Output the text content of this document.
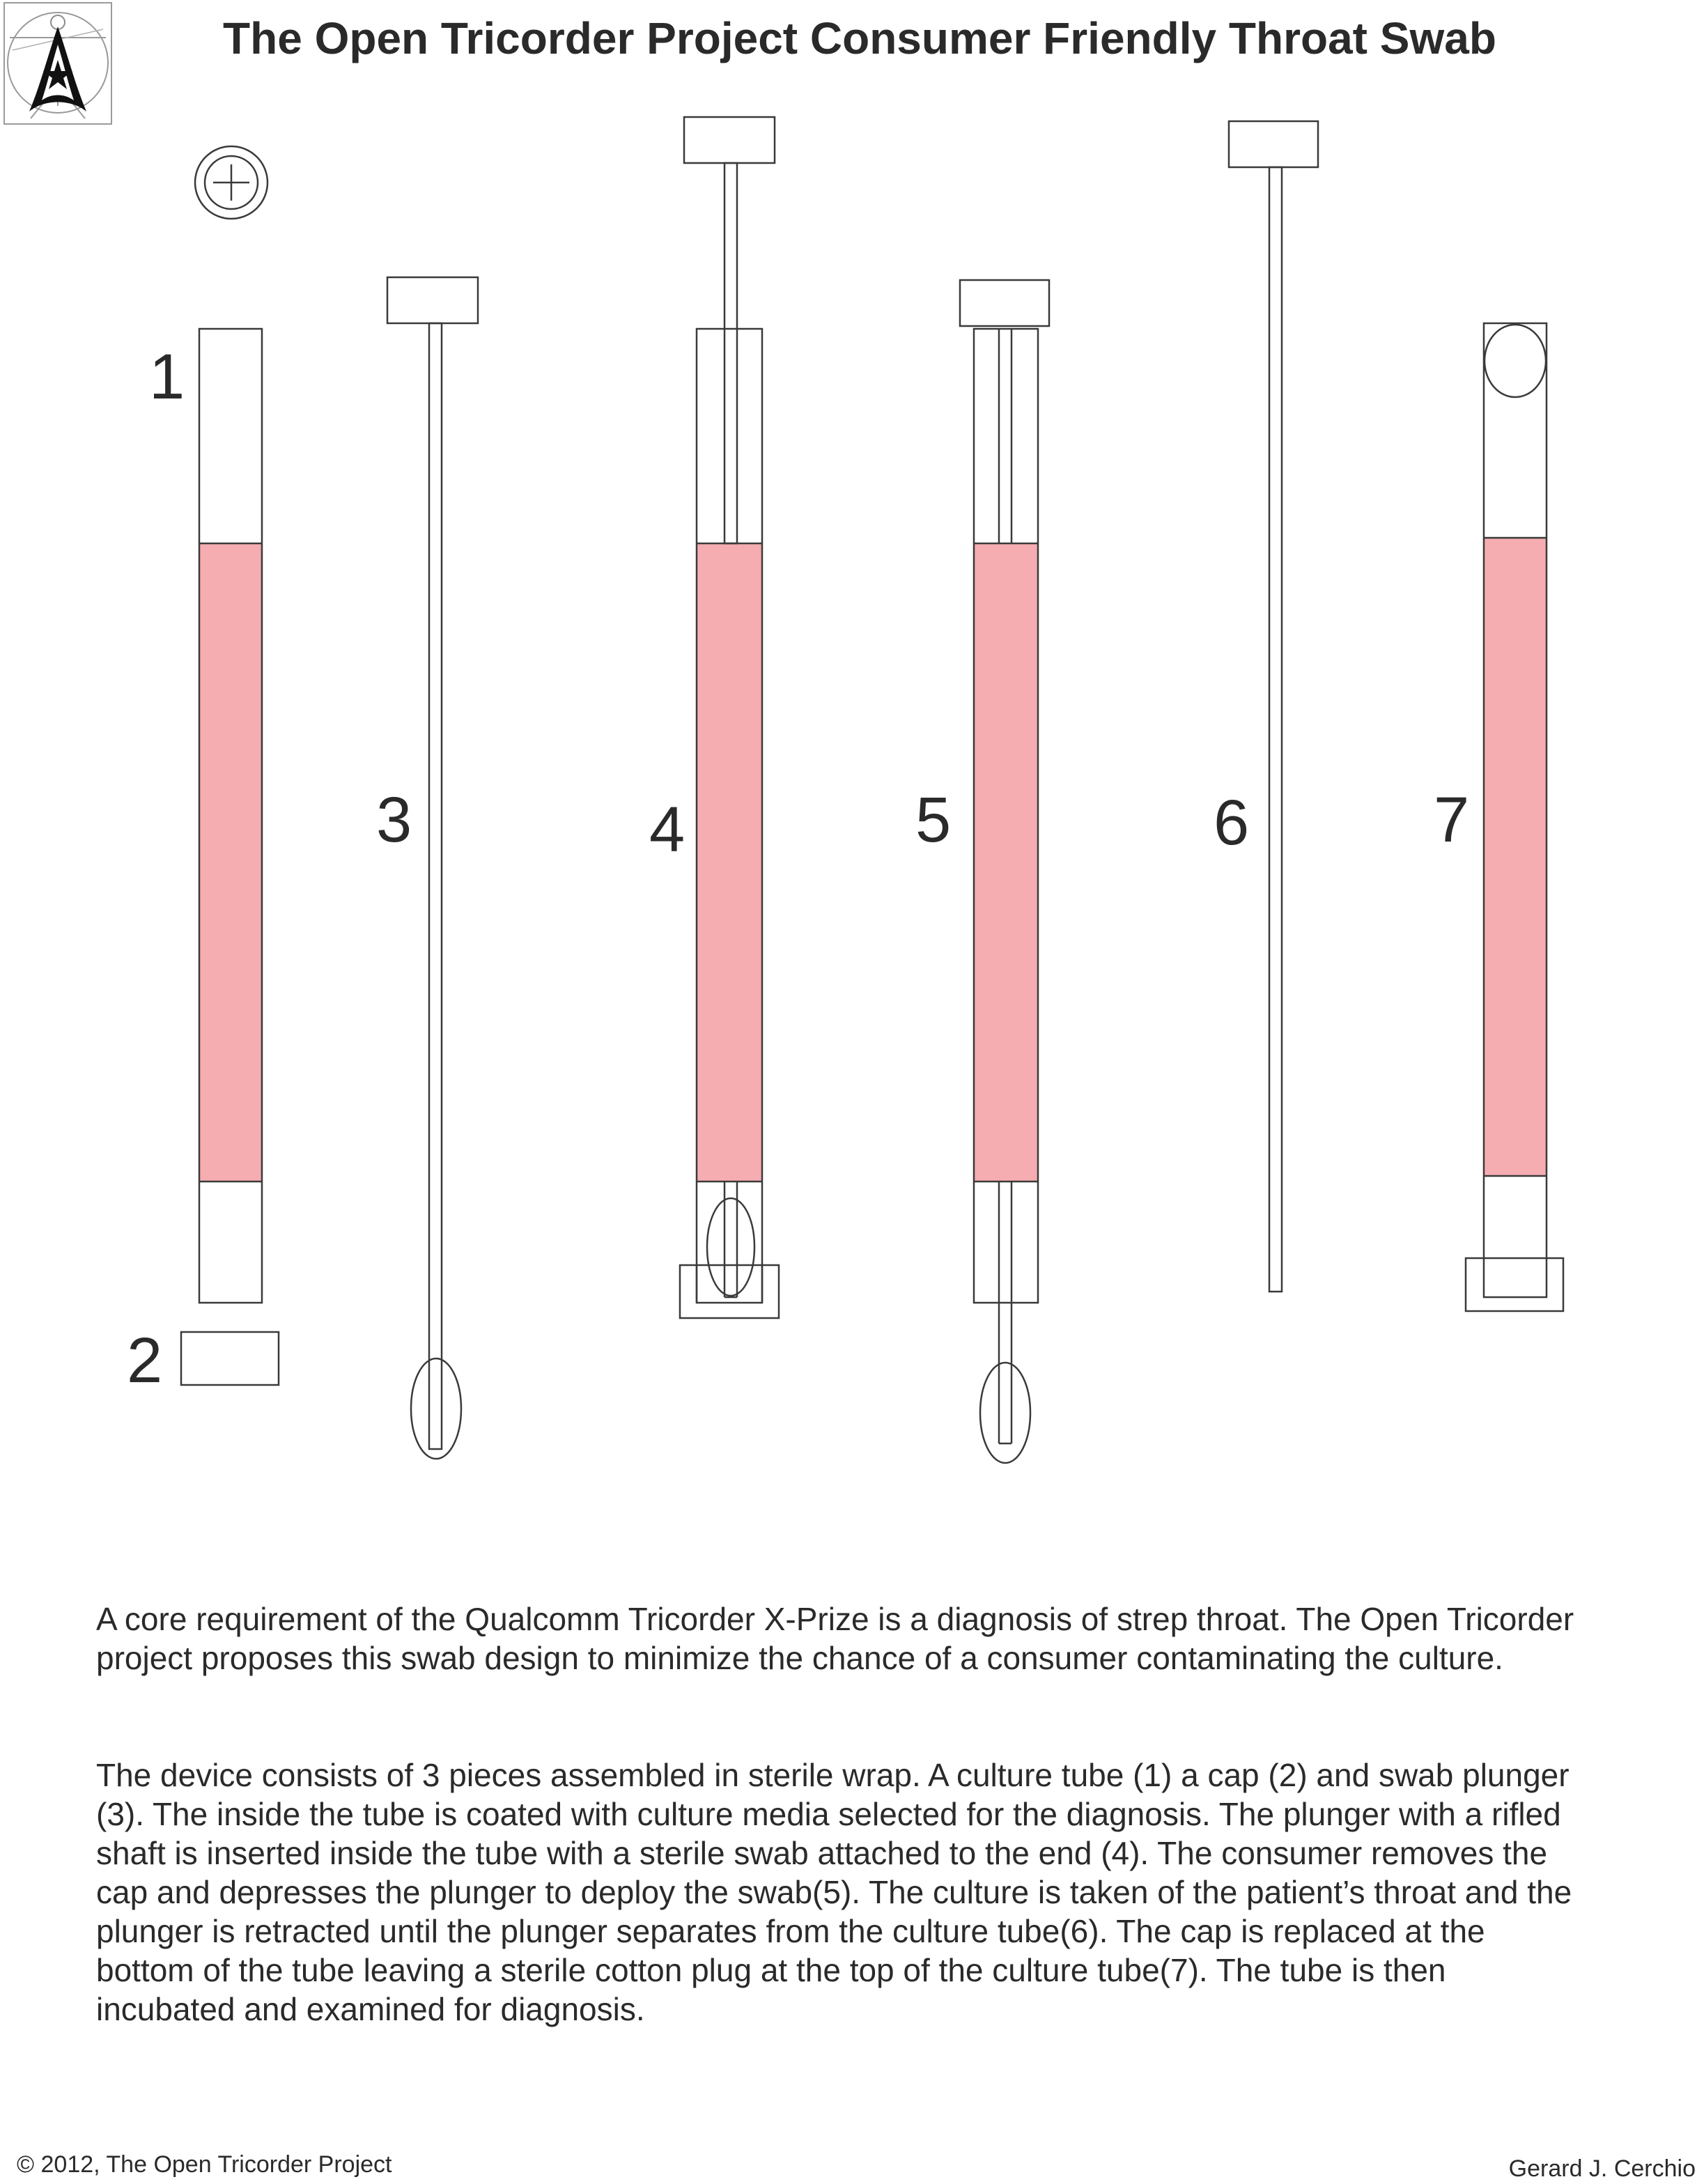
The Open Tricorder Project Consumer Friendly Throat Swab
1
2
3	4	5	6	7

A core requirement of the Qualcomm Tricorder X-Prize is a diagnosis of strep throat. The Open Tricorder project proposes this swab design to minimize the chance of a consumer contaminating the culture.

The device consists of 3 pieces assembled in sterile wrap. A culture tube (1) a cap (2) and swab plunger (3). The inside the tube is coated with culture media selected for the diagnosis. The plunger with a rifled shaft is inserted inside the tube with a sterile swab attached to the end (4). The consumer removes the cap and depresses the plunger to deploy the swab(5). The culture is taken of the patient’s throat and the plunger is retracted until the plunger separates from the culture tube(6). The cap is replaced at the bottom of the tube leaving a sterile cotton plug at the top of the culture tube(7). The tube is then incubated and examined for diagnosis.

© 2012, The Open Tricorder Project	Gerard J. Cerchio
